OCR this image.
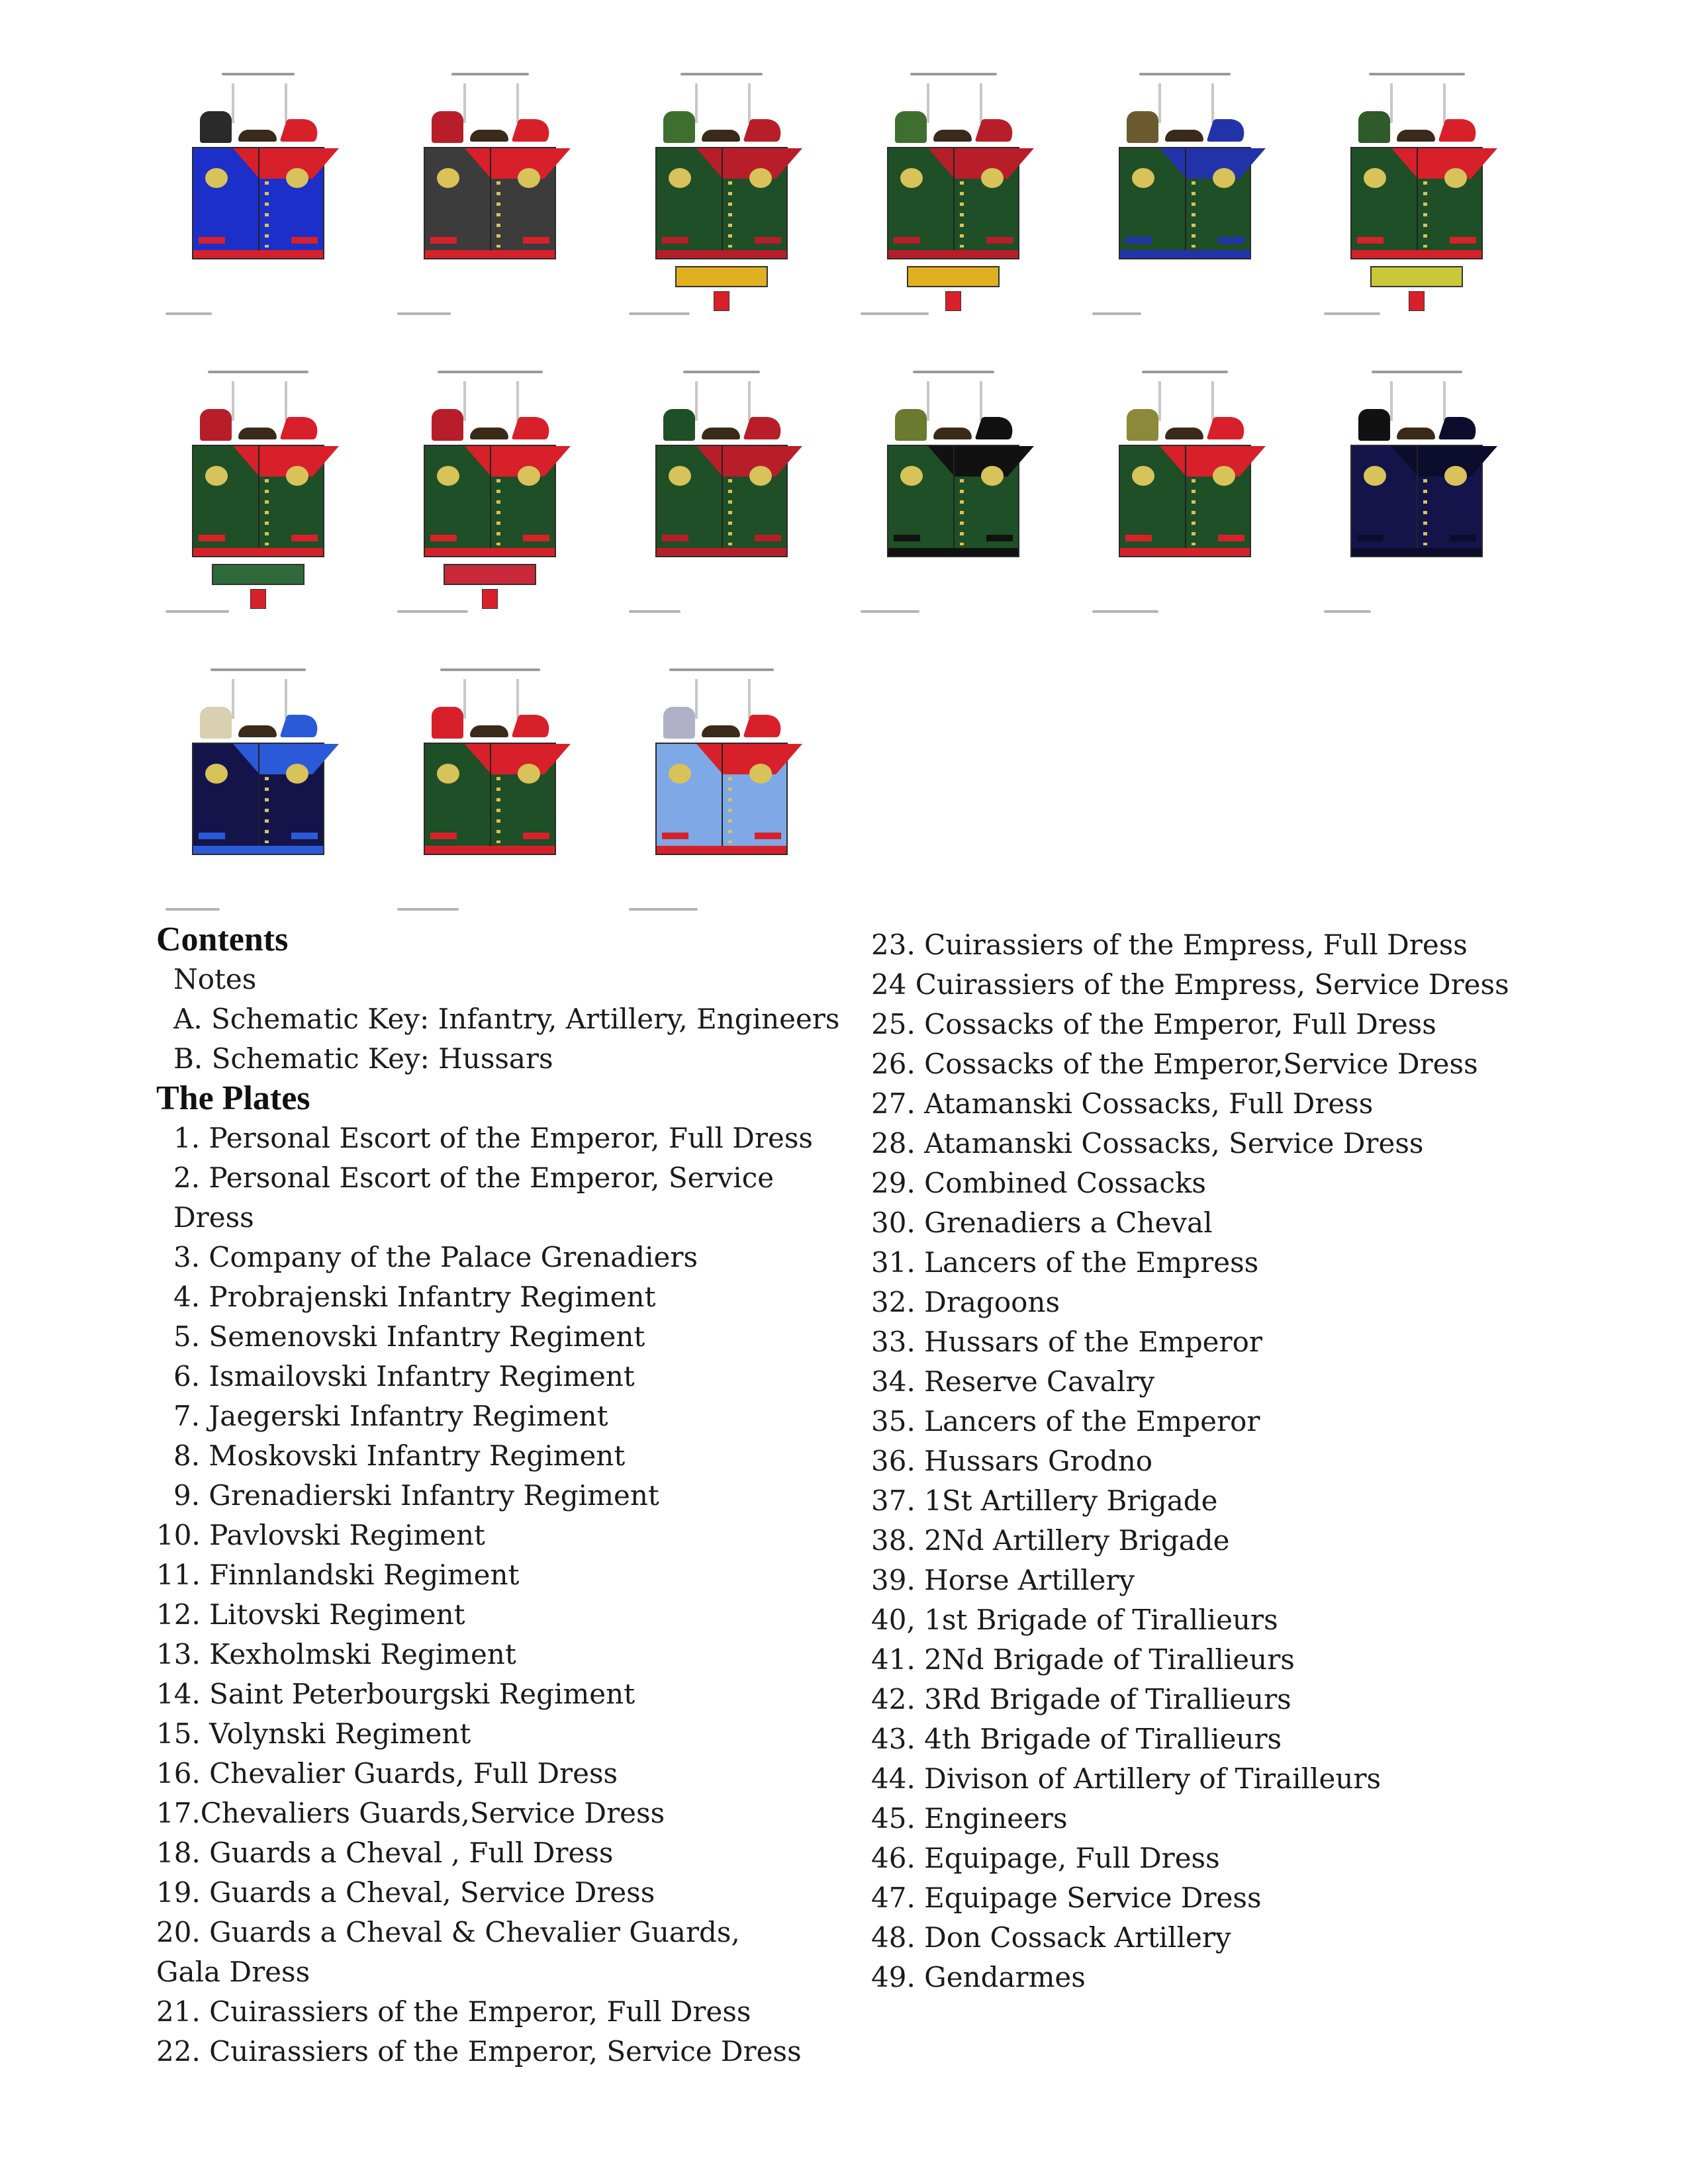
Contents

Notes

A. Schematic Key: Infantry, Artillery, Engineers

B. Schematic Key: Hussars

The Plates

1. Personal Escort of the Emperor, Full Dress

2. Personal Escort of the Emperor, Service Dress

3. Company of the Palace Grenadiers

4. Probrajenski Infantry Regiment

5. Semenovski Infantry Regiment

6. Ismailovski Infantry Regiment

7. Jaegerski Infantry Regiment

8. Moskovski Infantry Regiment

9. Grenadierski Infantry Regiment

10. Pavlovski Regiment

11. Finnlandski Regiment

12. Litovski Regiment

13. Kexholmski Regiment

14. Saint Peterbourgski Regiment

15. Volynski Regiment

16. Chevalier Guards, Full Dress

17.Chevaliers Guards,Service Dress

18. Guards a Cheval , Full Dress

19. Guards a Cheval, Service Dress

20. Guards a Cheval & Chevalier Guards, Gala Dress

21. Cuirassiers of the Emperor, Full Dress

22. Cuirassiers of the Emperor, Service Dress

23. Cuirassiers of the Empress, Full Dress

24 Cuirassiers of the Empress, Service Dress

25. Cossacks of the Emperor, Full Dress

26. Cossacks of the Emperor,Service Dress

27. Atamanski Cossacks, Full Dress

28. Atamanski Cossacks, Service Dress

29. Combined Cossacks

30. Grenadiers a Cheval

31. Lancers of the Empress

32. Dragoons

33. Hussars of the Emperor

34. Reserve Cavalry

35. Lancers of the Emperor

36. Hussars Grodno

37. 1St Artillery Brigade

38. 2Nd Artillery Brigade

39. Horse Artillery

40, 1st Brigade of Tirallieurs

41. 2Nd Brigade of Tirallieurs

42. 3Rd Brigade of Tirallieurs

43. 4th Brigade of Tirallieurs

44. Divison of Artillery of Tirailleurs

45. Engineers

46. Equipage, Full Dress

47. Equipage Service Dress

48. Don Cossack Artillery

49. Gendarmes
